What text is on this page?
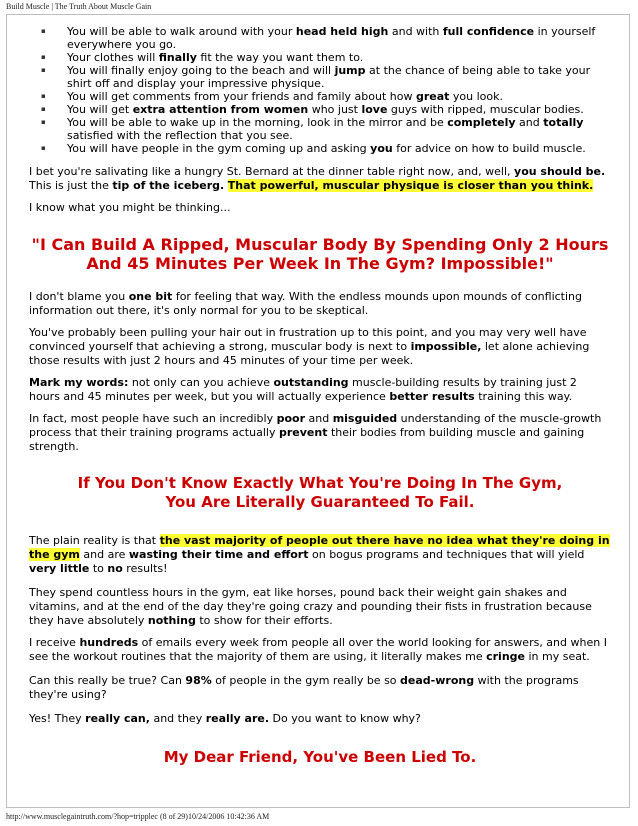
Build Muscle | The Truth About Muscle Gain
▪ You will be able to walk around with your head held high and with full confidence in yourself everywhere you go.
▪ Your clothes will finally fit the way you want them to.
▪ You will finally enjoy going to the beach and will jump at the chance of being able to take your shirt off and display your impressive physique.
▪ You will get comments from your friends and family about how great you look.
▪ You will get extra attention from women who just love guys with ripped, muscular bodies.
▪ You will be able to wake up in the morning, look in the mirror and be completely and totally satisfied with the reflection that you see.
▪ You will have people in the gym coming up and asking you for advice on how to build muscle.

I bet you're salivating like a hungry St. Bernard at the dinner table right now, and, well, you should be. This is just the tip of the iceberg. That powerful, muscular physique is closer than you think.

I know what you might be thinking...

"I Can Build A Ripped, Muscular Body By Spending Only 2 Hours
And 45 Minutes Per Week In The Gym? Impossible!"

I don't blame you one bit for feeling that way. With the endless mounds upon mounds of conflicting information out there, it's only normal for you to be skeptical.

You've probably been pulling your hair out in frustration up to this point, and you may very well have convinced yourself that achieving a strong, muscular body is next to impossible, let alone achieving those results with just 2 hours and 45 minutes of your time per week.

Mark my words: not only can you achieve outstanding muscle-building results by training just 2 hours and 45 minutes per week, but you will actually experience better results training this way.

In fact, most people have such an incredibly poor and misguided understanding of the muscle-growth process that their training programs actually prevent their bodies from building muscle and gaining strength.

If You Don't Know Exactly What You're Doing In The Gym,
You Are Literally Guaranteed To Fail.

The plain reality is that the vast majority of people out there have no idea what they're doing in the gym and are wasting their time and effort on bogus programs and techniques that will yield very little to no results!

They spend countless hours in the gym, eat like horses, pound back their weight gain shakes and vitamins, and at the end of the day they're going crazy and pounding their fists in frustration because they have absolutely nothing to show for their efforts.

I receive hundreds of emails every week from people all over the world looking for answers, and when I see the workout routines that the majority of them are using, it literally makes me cringe in my seat.

Can this really be true? Can 98% of people in the gym really be so dead-wrong with the programs they're using?

Yes! They really can, and they really are. Do you want to know why?

My Dear Friend, You've Been Lied To.
http://www.musclegaintruth.com/?hop=tripplec (8 of 29)10/24/2006 10:42:36 AM
